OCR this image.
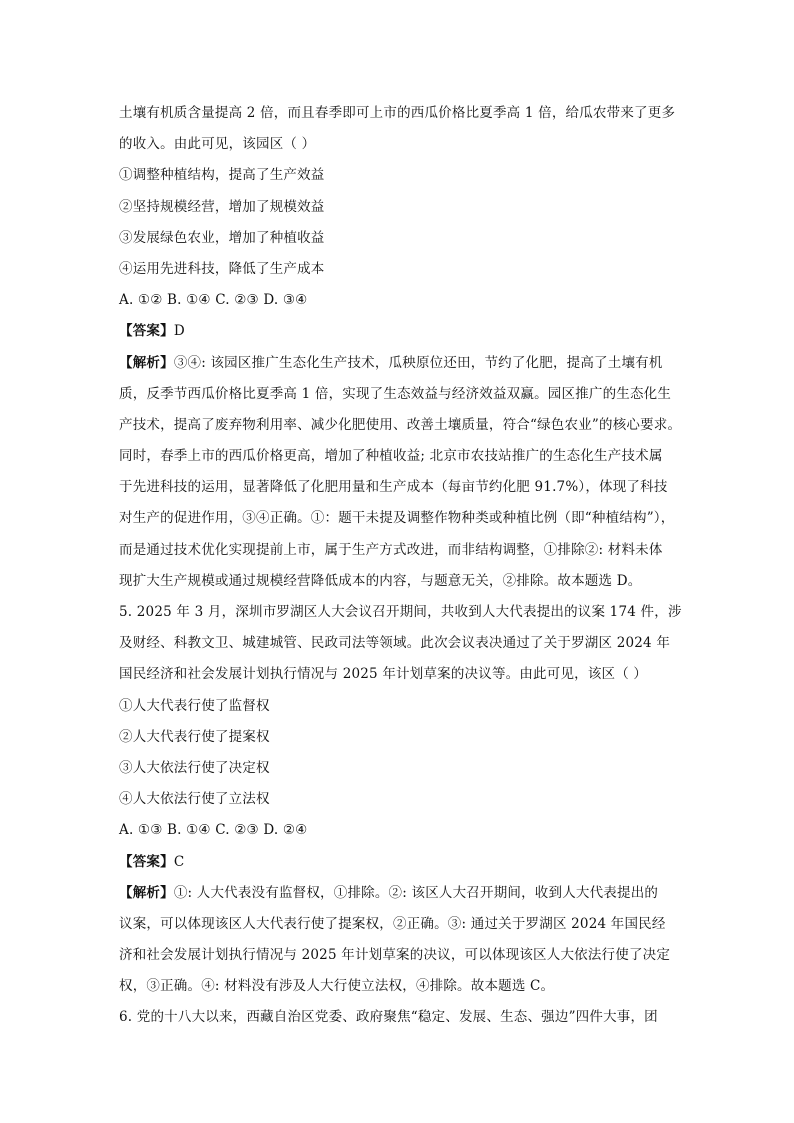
土壤有机质含量提高 2 倍，而且春季即可上市的西瓜价格比夏季高 1 倍，给瓜农带来了更多
的收入。由此可见，该园区（ ）
①调整种植结构，提高了生产效益
②坚持规模经营，增加了规模效益
③发展绿色农业，增加了种植收益
④运用先进科技，降低了生产成本
A. ①② B. ①④ C. ②③ D. ③④
【答案】D
【解析】③④: 该园区推广生态化生产技术，瓜秧原位还田，节约了化肥，提高了土壤有机
质，反季节西瓜价格比夏季高 1 倍，实现了生态效益与经济效益双赢。园区推广的生态化生
产技术，提高了废弃物利用率、减少化肥使用、改善土壤质量，符合“绿色农业”的核心要求。
同时，春季上市的西瓜价格更高，增加了种植收益; 北京市农技站推广的生态化生产技术属
于先进科技的运用，显著降低了化肥用量和生产成本（每亩节约化肥 91.7%），体现了科技
对生产的促进作用，③④正确。①：题干未提及调整作物种类或种植比例（即“种植结构”），
而是通过技术优化实现提前上市，属于生产方式改进，而非结构调整，①排除②: 材料未体
现扩大生产规模或通过规模经营降低成本的内容，与题意无关，②排除。故本题选 D。
5. 2025 年 3 月，深圳市罗湖区人大会议召开期间，共收到人大代表提出的议案 174 件，涉
及财经、科教文卫、城建城管、民政司法等领域。此次会议表决通过了关于罗湖区 2024 年
国民经济和社会发展计划执行情况与 2025 年计划草案的决议等。由此可见，该区（ ）
①人大代表行使了监督权
②人大代表行使了提案权
③人大依法行使了决定权
④人大依法行使了立法权
A. ①③ B. ①④ C. ②③ D. ②④
【答案】C
【解析】①: 人大代表没有监督权，①排除。②: 该区人大召开期间，收到人大代表提出的
议案，可以体现该区人大代表行使了提案权，②正确。③: 通过关于罗湖区 2024 年国民经
济和社会发展计划执行情况与 2025 年计划草案的决议，可以体现该区人大依法行使了决定
权，③正确。④: 材料没有涉及人大行使立法权，④排除。故本题选 C。
6. 党的十八大以来，西藏自治区党委、政府聚焦“稳定、发展、生态、强边”四件大事，团
